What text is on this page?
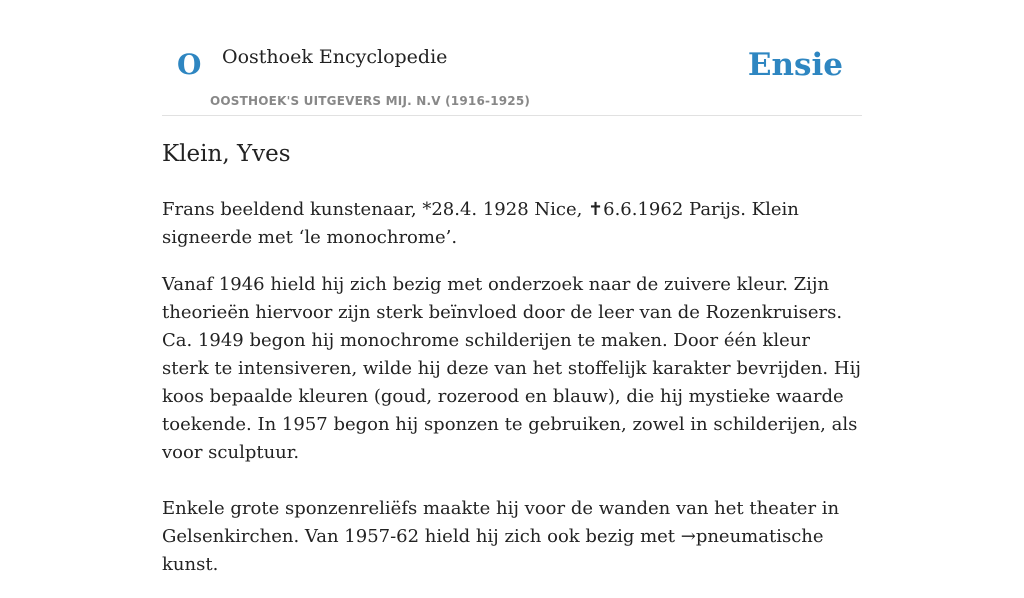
O Oosthoek Encyclopedie
OOSTHOEK'S UITGEVERS MIJ. N.V (1916-1925)
Ensie
Klein, Yves

Frans beeldend kunstenaar, *28.4. 1928 Nice, ✝6.6.1962 Parijs. Klein signeerde met ‘le monochrome’.

Vanaf 1946 hield hij zich bezig met onderzoek naar de zuivere kleur. Zijn theorieën hiervoor zijn sterk beïnvloed door de leer van de Rozenkruisers. Ca. 1949 begon hij monochrome schilderijen te maken. Door één kleur sterk te intensiveren, wilde hij deze van het stoffelijk karakter bevrijden. Hij koos bepaalde kleuren (goud, rozerood en blauw), die hij mystieke waarde toekende. In 1957 begon hij sponzen te gebruiken, zowel in schilderijen, als voor sculptuur.

Enkele grote sponzenreliëfs maakte hij voor de wanden van het theater in Gelsenkirchen. Van 1957-62 hield hij zich ook bezig met →pneumatische kunst.
